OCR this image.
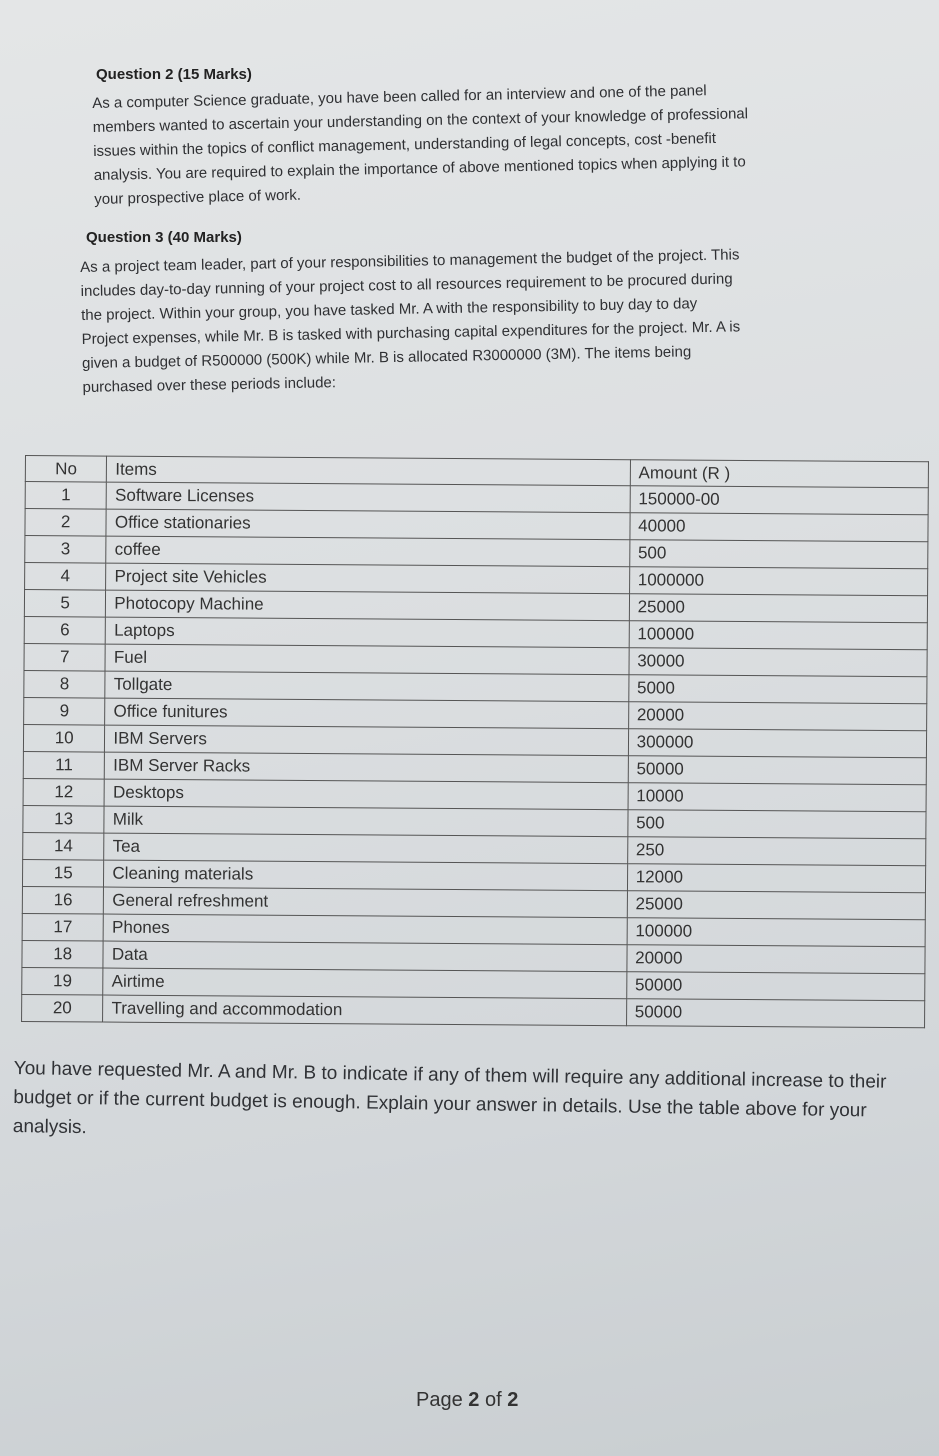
Question 2 (15 Marks)

As a computer Science graduate, you have been called for an interview and one of the panel

members wanted to ascertain your understanding on the context of your knowledge of professional

issues within the topics of conflict management, understanding of legal concepts, cost -benefit

analysis. You are required to explain the importance of above mentioned topics when applying it to

your prospective place of work.

Question 3 (40 Marks)

As a project team leader, part of your responsibilities to management the budget of the project. This

includes day-to-day running of your project cost to all resources requirement to be procured during

the project. Within your group, you have tasked Mr. A with the responsibility to buy day to day

Project expenses, while Mr. B is tasked with purchasing capital expenditures for the project. Mr. A is

given a budget of R500000 (500K) while Mr. B is allocated R3000000 (3M). The items being

purchased over these periods include:

No	Items	Amount (R )
1	Software Licenses	150000-00
2	Office stationaries	40000
3	coffee	500
4	Project site Vehicles	1000000
5	Photocopy Machine	25000
6	Laptops	100000
7	Fuel	30000
8	Tollgate	5000
9	Office funitures	20000
10	IBM Servers	300000
11	IBM Server Racks	50000
12	Desktops	10000
13	Milk	500
14	Tea	250
15	Cleaning materials	12000
16	General refreshment	25000
17	Phones	100000
18	Data	20000
19	Airtime	50000
20	Travelling and accommodation	50000
You have requested Mr. A and Mr. B to indicate if any of them will require any additional increase to their budget or if the current budget is enough. Explain your answer in details. Use the table above for your analysis.
Page 2 of 2
